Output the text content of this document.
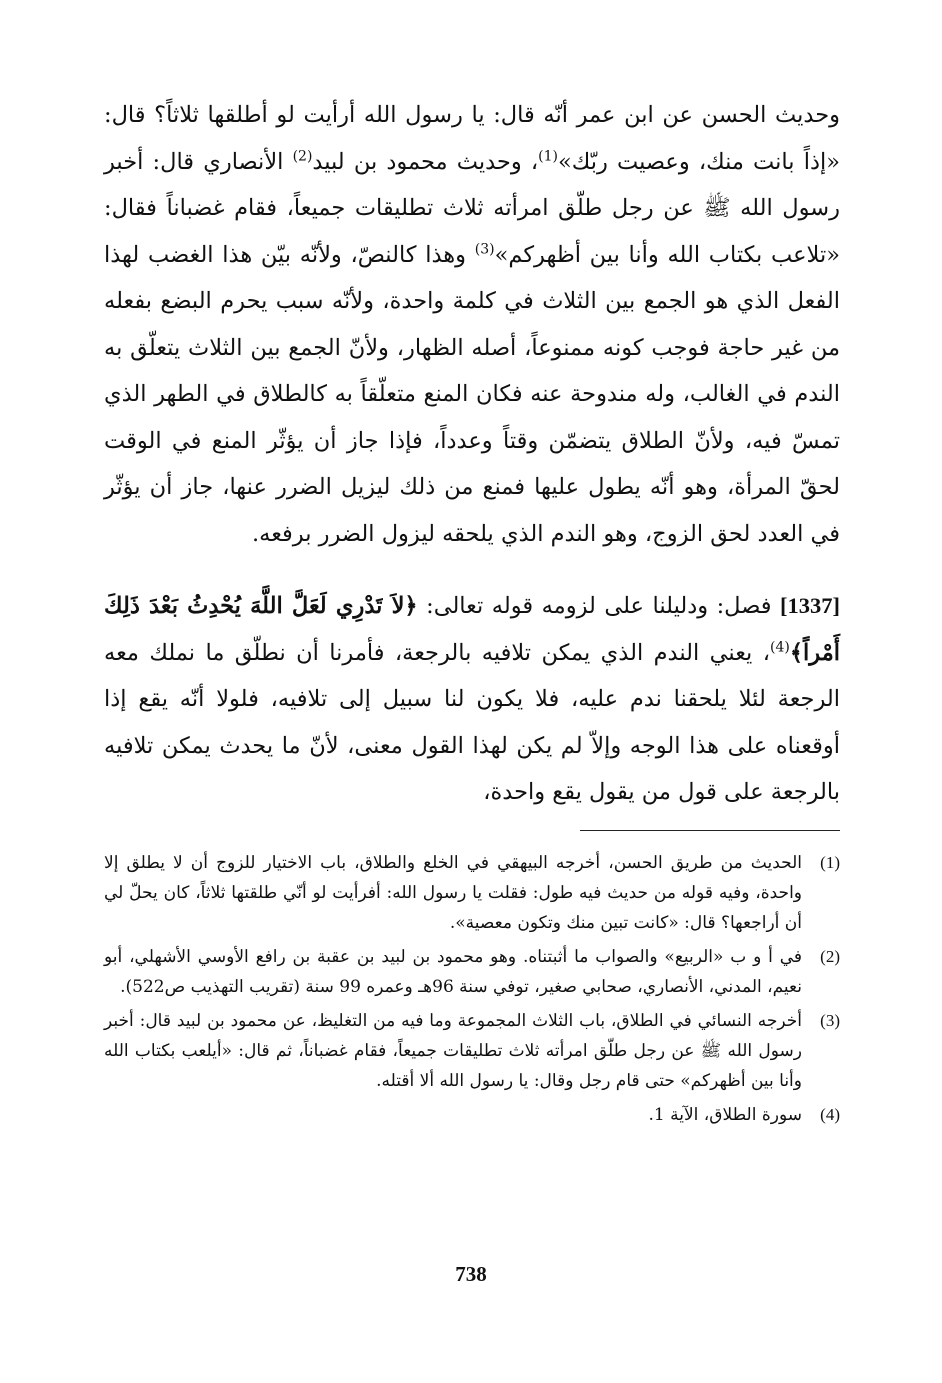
وحديث الحسن عن ابن عمر أنّه قال: يا رسول الله أرأيت لو أطلقها ثلاثاً؟ قال: «إذاً بانت منك، وعصيت ربّك»$^{(1)}$، وحديث محمود بن لبيد$^{(2)}$ الأنصاري قال: أخبر رسول الله ﷺ عن رجل طلّق امرأته ثلاث تطليقات جميعاً، فقام غضباناً فقال: «تلاعب بكتاب الله وأنا بين أظهركم»$^{(3)}$ وهذا كالنصّ، ولأنّه بيّن هذا الغضب لهذا الفعل الذي هو الجمع بين الثلاث في كلمة واحدة، ولأنّه سبب يحرم البضع بفعله من غير حاجة فوجب كونه ممنوعاً، أصله الظهار، ولأنّ الجمع بين الثلاث يتعلّق به الندم في الغالب، وله مندوحة عنه فكان المنع متعلّقاً به كالطلاق في الطهر الذي تمسّ فيه، ولأنّ الطلاق يتضمّن وقتاً وعدداً، فإذا جاز أن يؤثّر المنع في الوقت لحقّ المرأة، وهو أنّه يطول عليها فمنع من ذلك ليزيل الضرر عنها، جاز أن يؤثّر في العدد لحق الزوج، وهو الندم الذي يلحقه ليزول الضرر برفعه.

[1337] فصل: ودليلنا على لزومه قوله تعالى: ﴿لاَ تَدْرِي لَعَلَّ اللَّهَ يُحْدِثُ بَعْدَ ذَلِكَ أَمْراً﴾$^{(4)}$، يعني الندم الذي يمكن تلافيه بالرجعة، فأمرنا أن نطلّق ما نملك معه الرجعة لئلا يلحقنا ندم عليه، فلا يكون لنا سبيل إلى تلافيه، فلولا أنّه يقع إذا أوقعناه على هذا الوجه وإلاّ لم يكن لهذا القول معنى، لأنّ ما يحدث يمكن تلافيه بالرجعة على قول من يقول يقع واحدة،

(1)
الحديث من طريق الحسن، أخرجه البيهقي في الخلع والطلاق، باب الاختيار للزوج أن لا يطلق إلا واحدة، وفيه قوله من حديث فيه طول: فقلت يا رسول الله: أفرأيت لو أنّي طلقتها ثلاثاً، كان يحلّ لي أن أراجعها؟ قال: «كانت تبين منك وتكون معصية».
(2)
في أ و ب «الربيع» والصواب ما أثبتناه. وهو محمود بن لبيد بن عقبة بن رافع الأوسي الأشهلي، أبو نعيم، المدني، الأنصاري، صحابي صغير، توفي سنة 96هـ وعمره 99 سنة (تقريب التهذيب ص522).
(3)
أخرجه النسائي في الطلاق، باب الثلاث المجموعة وما فيه من التغليظ، عن محمود بن لبيد قال: أخبر رسول الله ﷺ عن رجل طلّق امرأته ثلاث تطليقات جميعاً، فقام غضباناً، ثم قال: «أيلعب بكتاب الله وأنا بين أظهركم» حتى قام رجل وقال: يا رسول الله ألا أقتله.
(4)
سورة الطلاق، الآية 1.
738
